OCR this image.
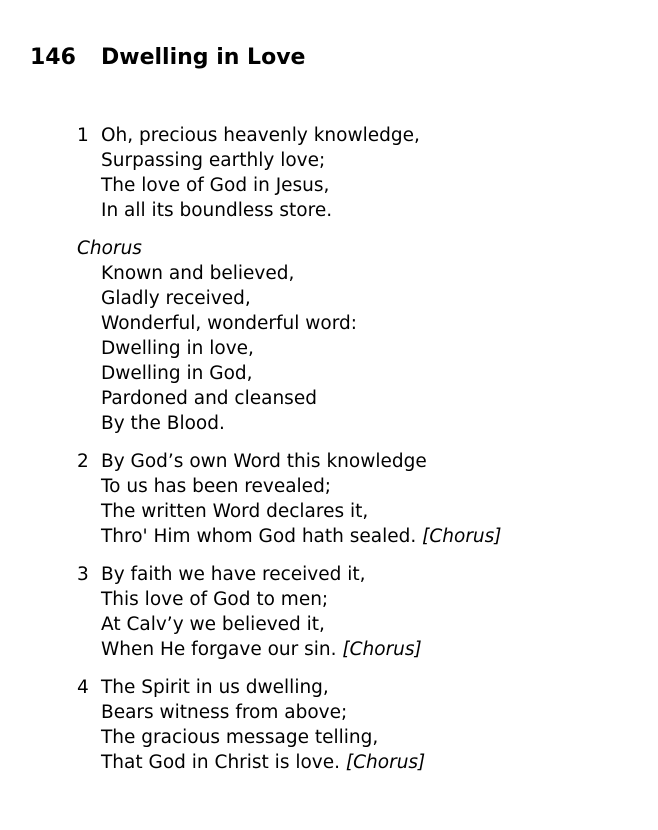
146 Dwelling in Love
1 Oh, precious heavenly knowledge,
Surpassing earthly love;
The love of God in Jesus,
In all its boundless store.
Chorus
Known and believed,
Gladly received,
Wonderful, wonderful word:
Dwelling in love,
Dwelling in God,
Pardoned and cleansed
By the Blood.
2 By God’s own Word this knowledge
To us has been revealed;
The written Word declares it,
Thro' Him whom God hath sealed. [Chorus]
3 By faith we have received it,
This love of God to men;
At Calv’y we believed it,
When He forgave our sin. [Chorus]
4 The Spirit in us dwelling,
Bears witness from above;
The gracious message telling,
That God in Christ is love. [Chorus]
